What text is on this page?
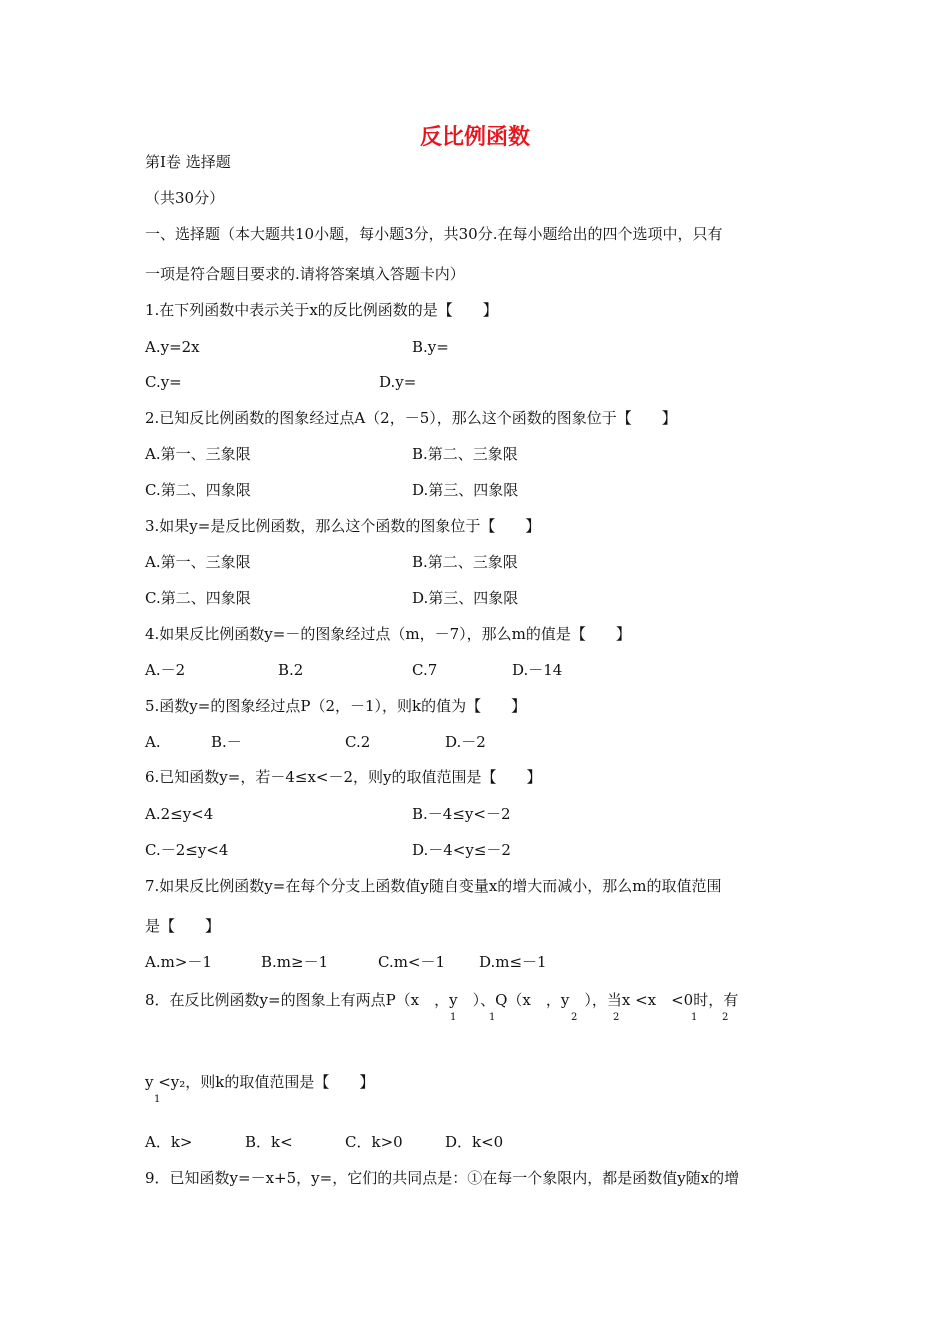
反比例函数
第Ⅰ卷 选择题
（共30分）
一、选择题（本大题共10小题，每小题3分，共30分.在每小题给出的四个选项中，只有
一项是符合题目要求的.请将答案填入答题卡内）
1.在下列函数中表示关于x的反比例函数的是【　　】
A.y=2x	B.y=
C.y=	D.y=
2.已知反比例函数的图象经过点A（2，－5），那么这个函数的图象位于【　　】
A.第一、三象限	B.第二、三象限
C.第二、四象限	D.第三、四象限
3.如果y=是反比例函数，那么这个函数的图象位于【　　】
A.第一、三象限	B.第二、三象限
C.第二、四象限	D.第三、四象限
4.如果反比例函数y=－的图象经过点（m，－7），那么m的值是【　　】
A.－2	B.2	C.7	D.－14
5.函数y=的图象经过点P（2，－1），则k的值为【　　】
A.	B.－	C.2	D.－2
6.已知函数y=，若－4≤x<－2，则y的取值范围是【　　】
A.2≤y<4	B.－4≤y<－2
C.－2≤y<4	D.－4<y≤－2
7.如果反比例函数y=在每个分支上函数值y随自变量x的增大而减小，那么m的取值范围
是【　　】
A.m>－1	B.m≥－1	C.m<－1 D.m≤－1
8．在反比例函数y=的图象上有两点P（x　，y　）、Q（x　，y　），当x <x　<0时，有
1	1	2	2	1 2
y <y₂，则k的取值范围是【　　】
1
A．k>	B．k<	C．k>0	D．k<0
9．已知函数y=－x+5，y=，它们的共同点是：①在每一个象限内，都是函数值y随x的增
